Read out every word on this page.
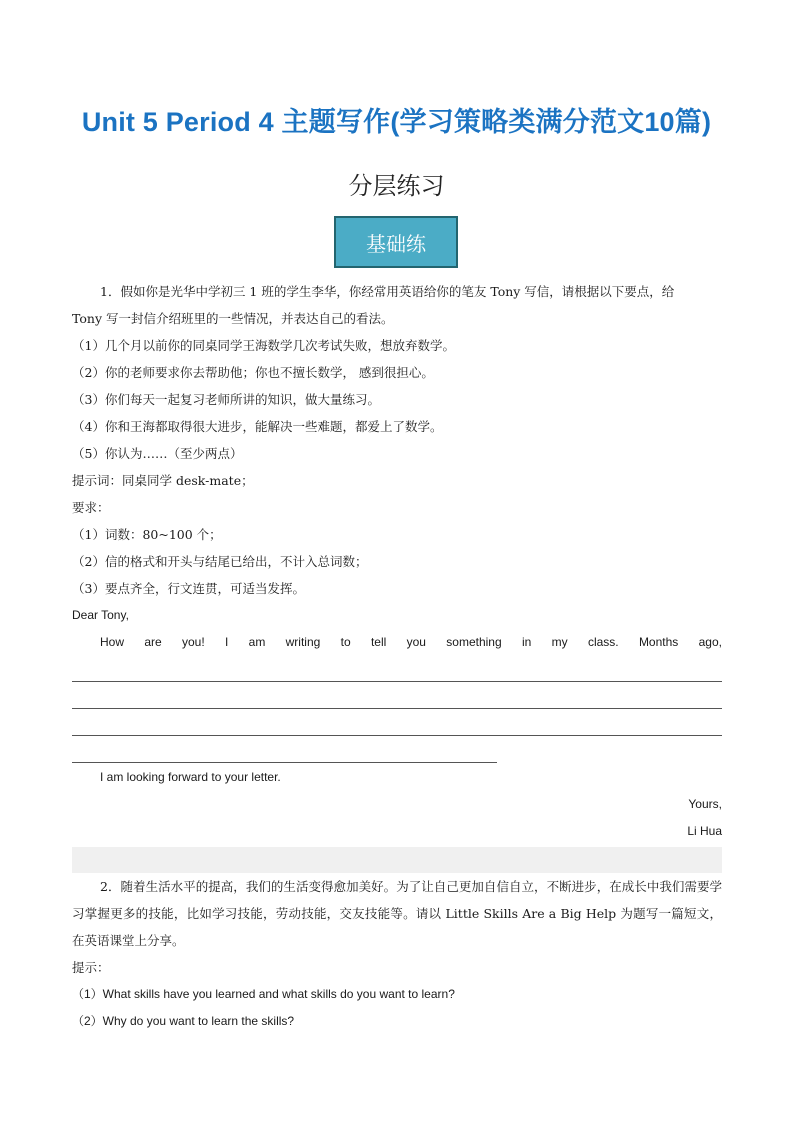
Unit 5 Period 4 主题写作(学习策略类满分范文10篇)
分层练习
基础练

1．假如你是光华中学初三 1 班的学生李华，你经常用英语给你的笔友 Tony 写信，请根据以下要点，给

Tony 写一封信介绍班里的一些情况，并表达自己的看法。

（1）几个月以前你的同桌同学王海数学几次考试失败，想放弃数学。

（2）你的老师要求你去帮助他；你也不擅长数学， 感到很担心。

（3）你们每天一起复习老师所讲的知识，做大量练习。

（4）你和王海都取得很大进步，能解决一些难题，都爱上了数学。

（5）你认为……（至少两点）

提示词：同桌同学 desk-mate；

要求：

（1）词数：80~100 个；

（2）信的格式和开头与结尾已给出，不计入总词数；

（3）要点齐全，行文连贯，可适当发挥。

Dear Tony,

How are you! I am writing to tell you something in my class. Months ago,

I am looking forward to your letter.

Yours,

Li Hua

2．随着生活水平的提高，我们的生活变得愈加美好。为了让自己更加自信自立，不断进步，在成长中我们需要学习掌握更多的技能，比如学习技能，劳动技能，交友技能等。请以 Little Skills Are a Big Help 为题写一篇短文，在英语课堂上分享。

提示：

（1）What skills have you learned and what skills do you want to learn?

（2）Why do you want to learn the skills?
